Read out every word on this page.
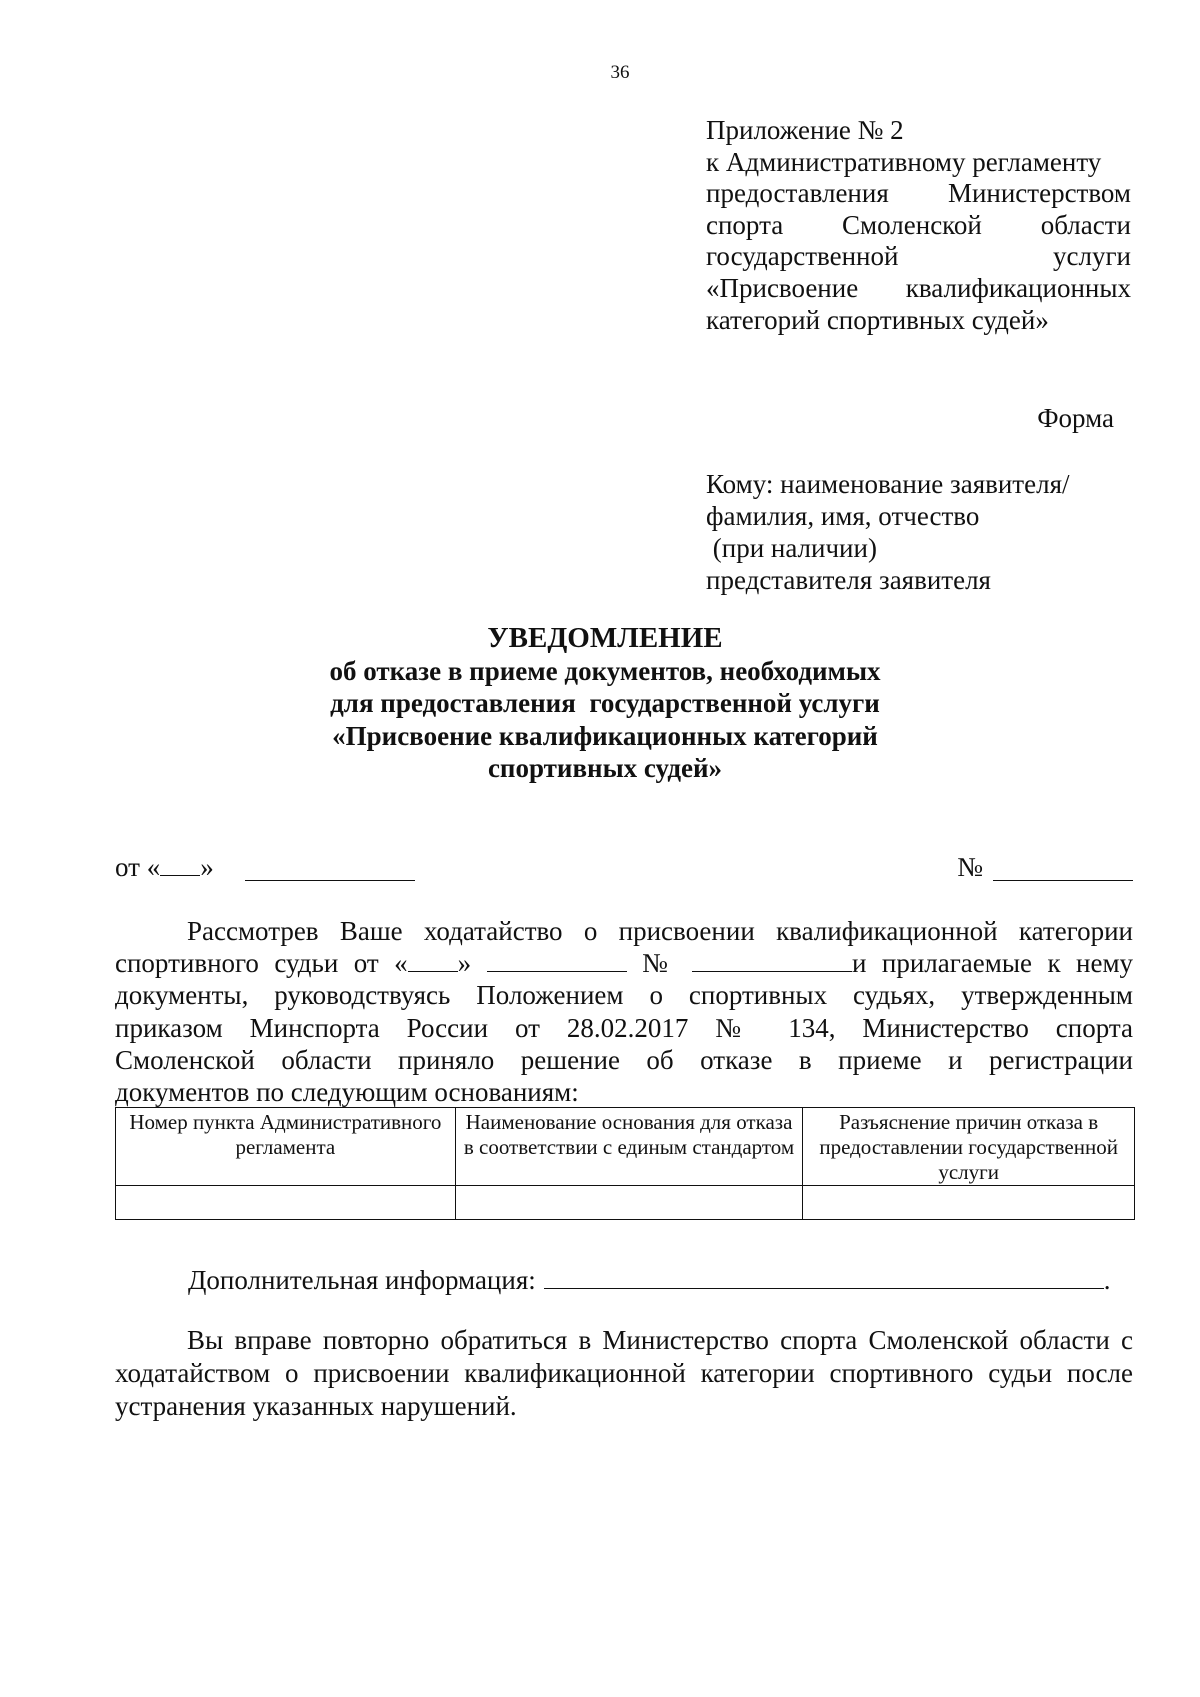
36
Приложение № 2
к Административному регламенту
предоставления Министерством
спорта Смоленской области
государственной услуги
«Присвоение квалификационных
категорий спортивных судей»
Форма
Кому: наименование заявителя/
фамилия, имя, отчество
(при наличии)
представителя заявителя
УВЕДОМЛЕНИЕ
об отказе в приеме документов, необходимых
для предоставления  государственной услуги
«Присвоение квалификационных категорий
спортивных судей»
от « »	№
Рассмотрев Ваше ходатайство о присвоении квалификационной категории
спортивного судьи от « »	№	и прилагаемые к нему
документы, руководствуясь Положением о спортивных судьях, утвержденным
приказом Минспорта России от 28.02.2017 № 134, Министерство спорта
Смоленской области приняло решение об отказе в приеме и регистрации
документов по следующим основаниям:
Номер пункта Административного регламента	Наименование основания для отказа в соответствии с единым стандартом	Разъяснение причин отказа в предоставлении государственной услуги

Дополнительная информация:	.
Вы вправе повторно обратиться в Министерство спорта Смоленской области с
ходатайством о присвоении квалификационной категории спортивного судьи после
устранения указанных нарушений.
